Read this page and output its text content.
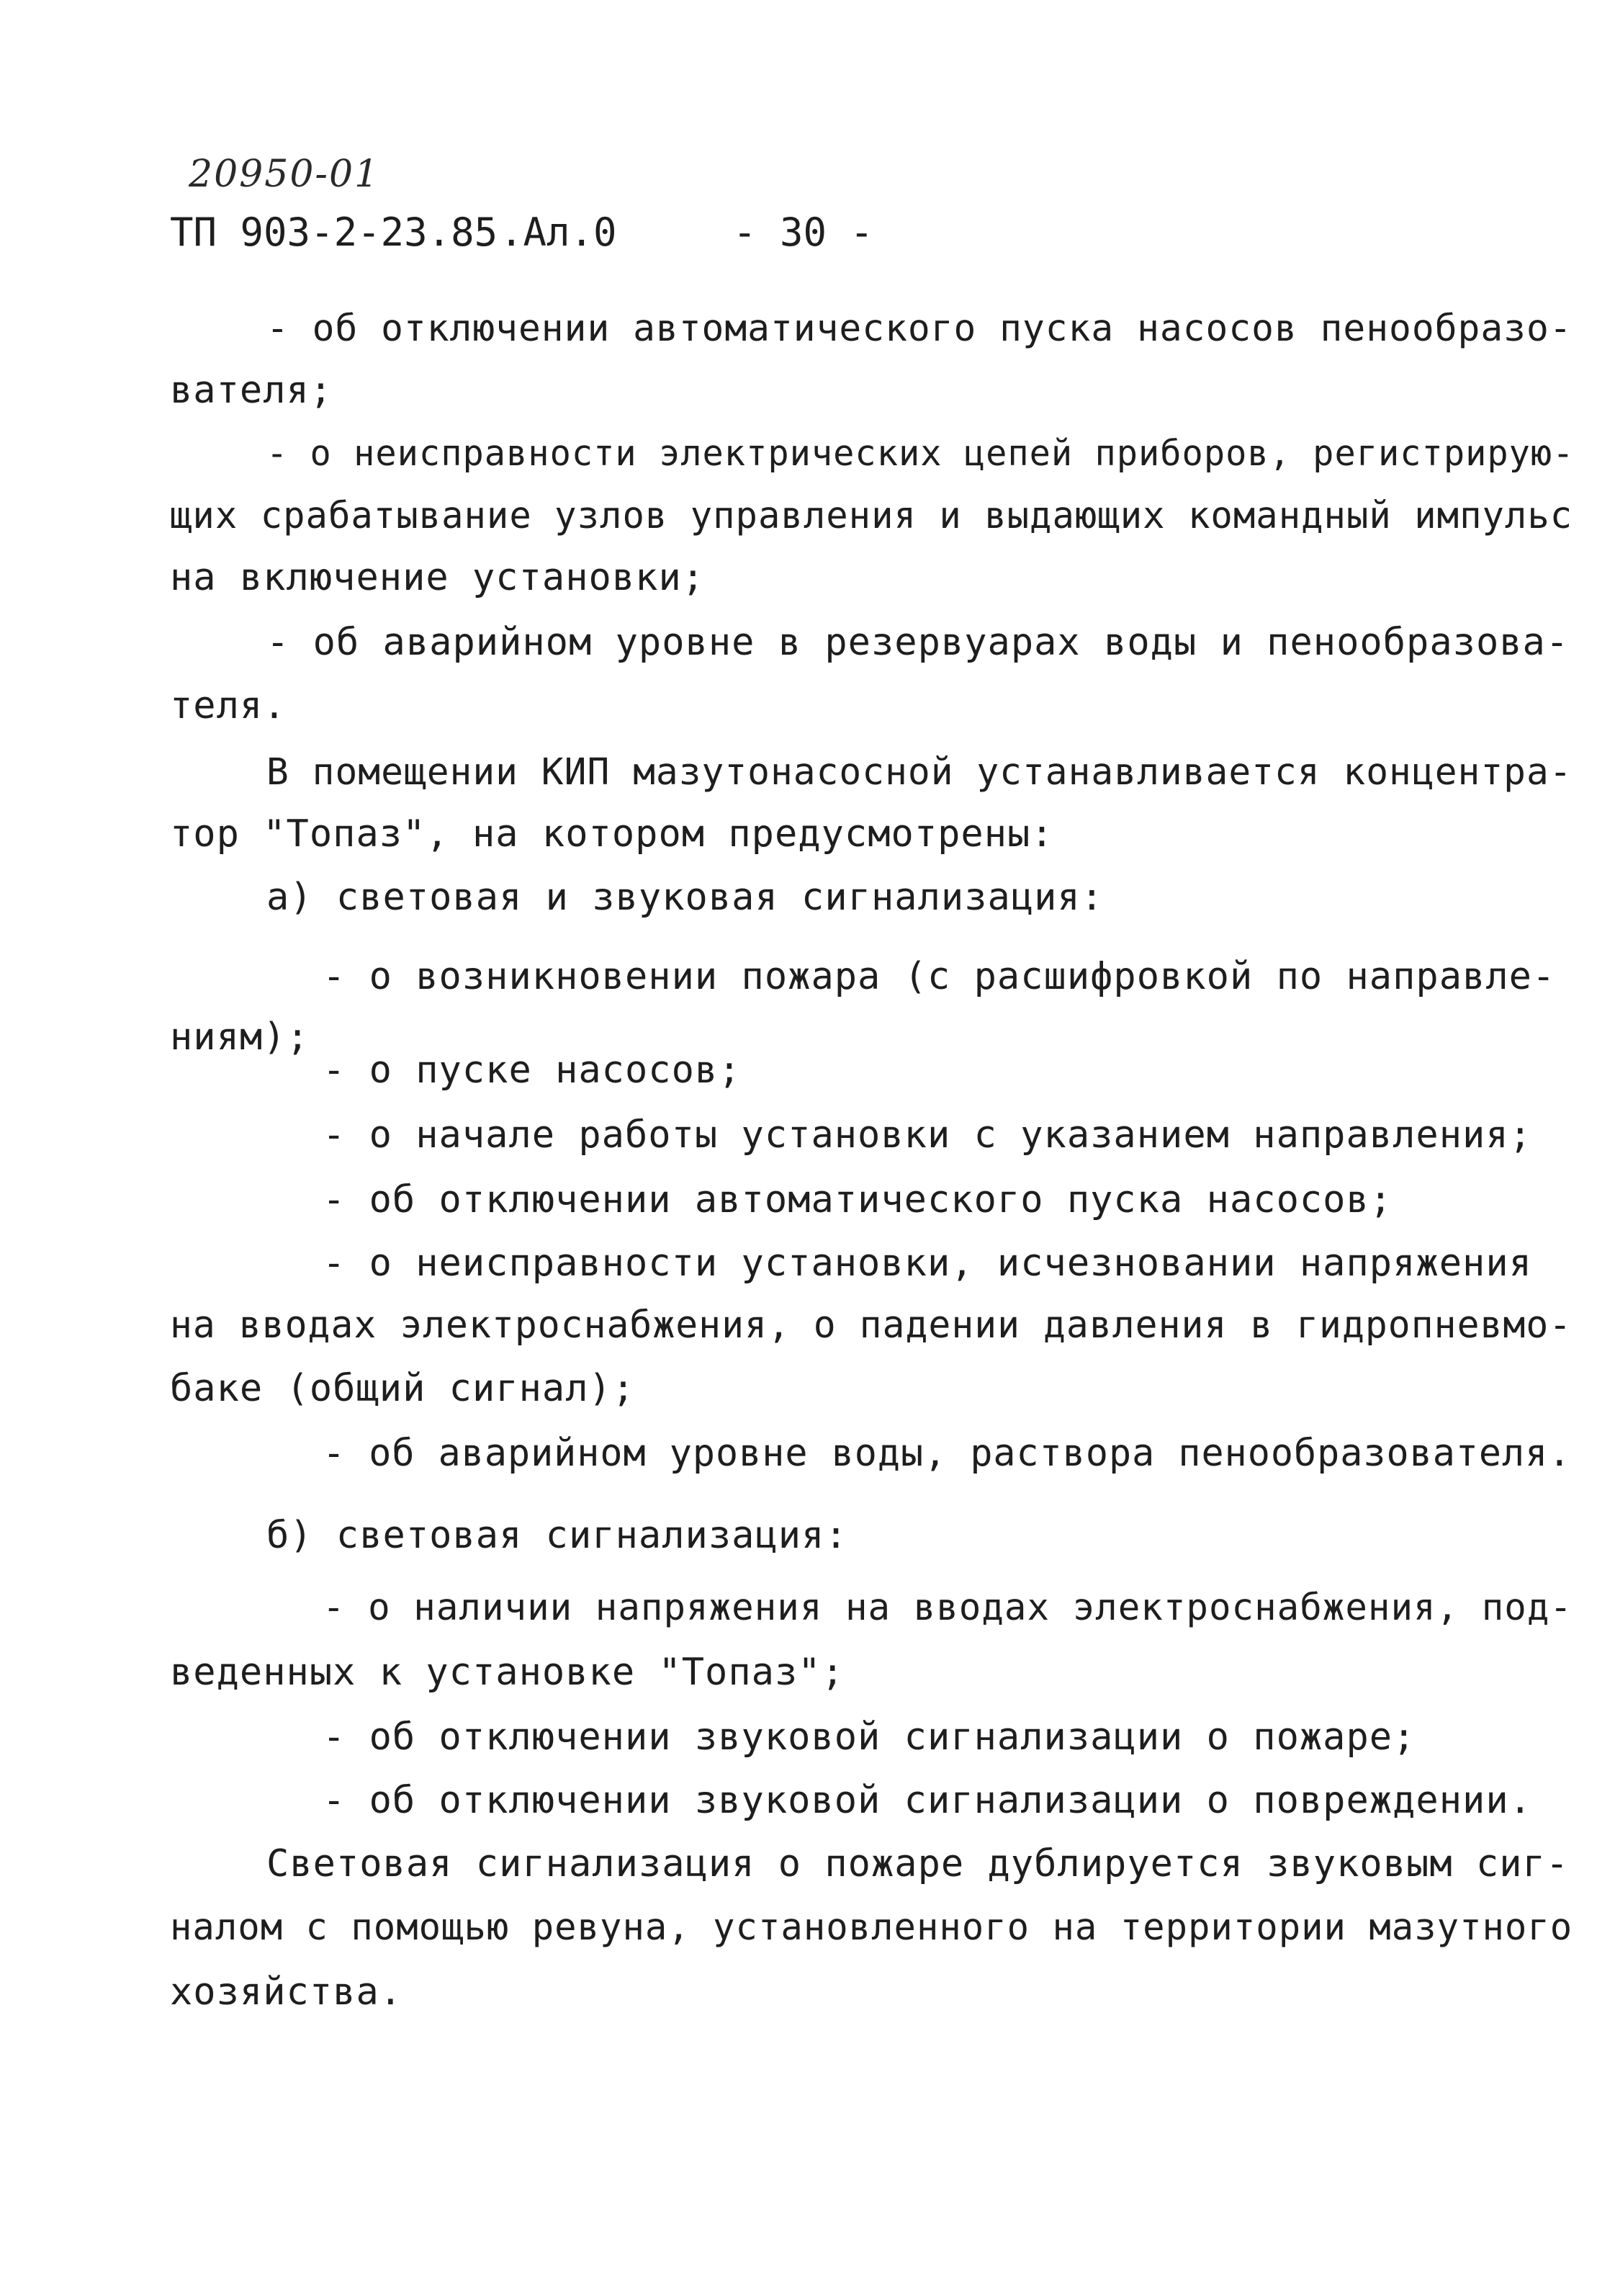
20950-01
ТП 903-2-23.85 .Ал.0	- 30 -
- об отключении автоматического пуска насосов пенообразо-
вателя;
- о неисправности электрических цепей приборов, регистрирую-
щих срабатывание узлов управления и выдающих командный импульс
на включение установки;
- об аварийном уровне в резервуарах воды и пенообразова-
теля.
В помещении КИП мазутонасосной устанавливается концентра-
тор "Топаз", на котором предусмотрены:
а) световая и звуковая сигнализация:
- о возникновении пожара (с расшифровкой по направле-
ниям);
- о пуске насосов;
- о начале работы установки с указанием направления;
- об отключении автоматического пуска насосов;
- о неисправности установки, исчезновании напряжения
на вводах электроснабжения, о падении давления в гидропневмо-
баке (общий сигнал);
- об аварийном уровне воды, раствора пенообразователя.
б) световая сигнализация:
- о наличии напряжения на вводах электроснабжения, под-
веденных к установке "Топаз";
- об отключении звуковой сигнализации о пожаре;
- об отключении звуковой сигнализации о повреждении.
Световая сигнализация о пожаре дублируется звуковым сиг-
налом с помощью ревуна, установленного на территории мазутного
хозяйства.
